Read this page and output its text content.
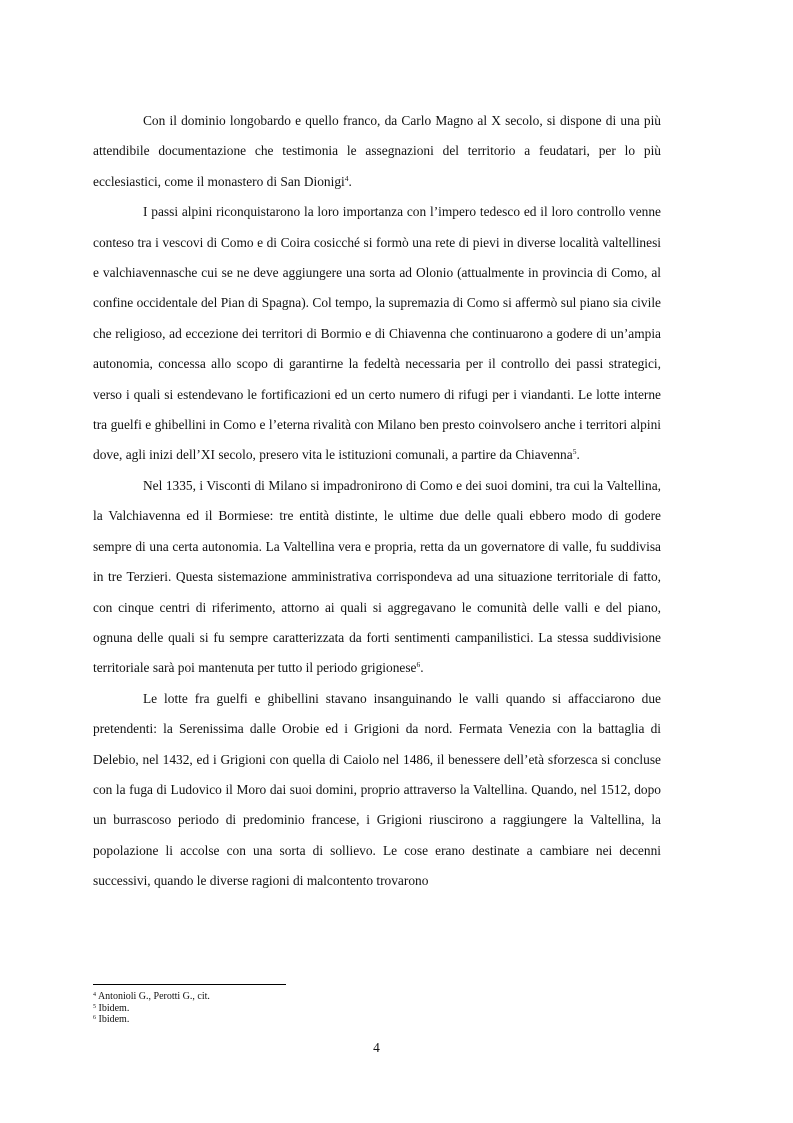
Con il dominio longobardo e quello franco, da Carlo Magno al X secolo, si dispone di una più attendibile documentazione che testimonia le assegnazioni del territorio a feudatari, per lo più ecclesiastici, come il monastero di San Dionigi$^4$.

I passi alpini riconquistarono la loro importanza con l’impero tedesco ed il loro controllo venne conteso tra i vescovi di Como e di Coira cosicché si formò una rete di pievi in diverse località valtellinesi e valchiavennasche cui se ne deve aggiungere una sorta ad Olonio (attualmente in provincia di Como, al confine occidentale del Pian di Spagna). Col tempo, la supremazia di Como si affermò sul piano sia civile che religioso, ad eccezione dei territori di Bormio e di Chiavenna che continuarono a godere di un’ampia autonomia, concessa allo scopo di garantirne la fedeltà necessaria per il controllo dei passi strategici, verso i quali si estendevano le fortificazioni ed un certo numero di rifugi per i viandanti. Le lotte interne tra guelfi e ghibellini in Como e l’eterna rivalità con Milano ben presto coinvolsero anche i territori alpini dove, agli inizi dell’XI secolo, presero vita le istituzioni comunali, a partire da Chiavenna$^5$.

Nel 1335, i Visconti di Milano si impadronirono di Como e dei suoi domini, tra cui la Valtellina, la Valchiavenna ed il Bormiese: tre entità distinte, le ultime due delle quali ebbero modo di godere sempre di una certa autonomia. La Valtellina vera e propria, retta da un governatore di valle, fu suddivisa in tre Terzieri. Questa sistemazione amministrativa corrispondeva ad una situazione territoriale di fatto, con cinque centri di riferimento, attorno ai quali si aggregavano le comunità delle valli e del piano, ognuna delle quali si fu sempre caratterizzata da forti sentimenti campanilistici. La stessa suddivisione territoriale sarà poi mantenuta per tutto il periodo grigionese$^6$.

Le lotte fra guelfi e ghibellini stavano insanguinando le valli quando si affacciarono due pretendenti: la Serenissima dalle Orobie ed i Grigioni da nord. Fermata Venezia con la battaglia di Delebio, nel 1432, ed i Grigioni con quella di Caiolo nel 1486, il benessere dell’età sforzesca si concluse con la fuga di Ludovico il Moro dai suoi domini, proprio attraverso la Valtellina. Quando, nel 1512, dopo un burrascoso periodo di predominio francese, i Grigioni riuscirono a raggiungere la Valtellina, la popolazione li accolse con una sorta di sollievo. Le cose erano destinate a cambiare nei decenni successivi, quando le diverse ragioni di malcontento trovarono

$^4$ Antonioli G., Perotti G., cit.

$^5$ Ibidem.

$^6$ Ibidem.

4
